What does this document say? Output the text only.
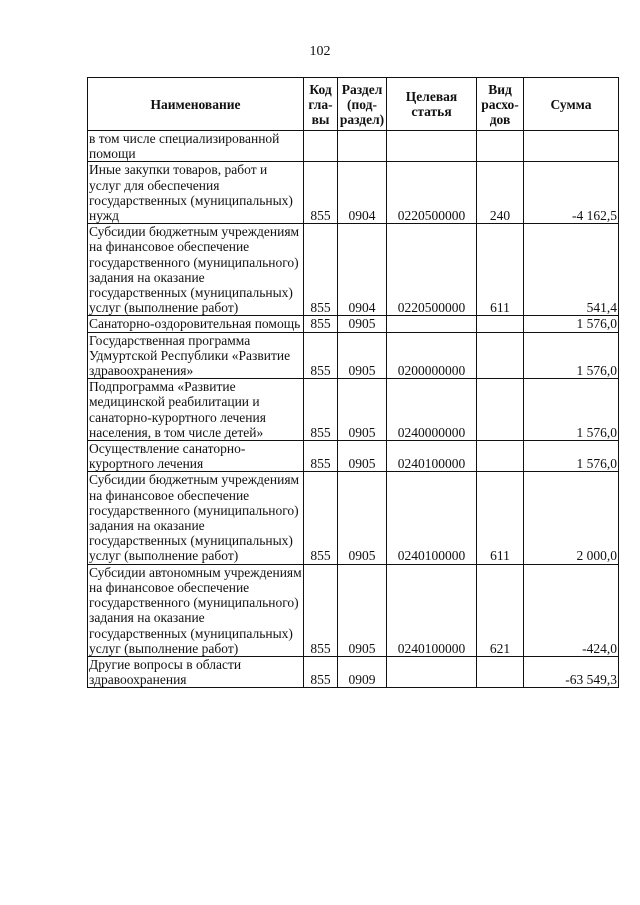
102
Наименование	Код гла-вы	Раздел (под-раздел)	Целевая статья	Вид расхо-дов	Сумма
в том числе специализированной помощи					
Иные закупки товаров, работ и услуг для обеспечения государственных (муниципальных) нужд	855	0904	0220500000	240	-4 162,5
Субсидии бюджетным учреждениям на финансовое обеспечение государственного (муниципального) задания на оказание государственных (муниципальных) услуг (выполнение работ)	855	0904	0220500000	611	541,4
Санаторно-оздоровительная помощь	855	0905			1 576,0
Государственная программа Удмуртской Республики «Развитие здравоохранения»	855	0905	0200000000		1 576,0
Подпрограмма «Развитие медицинской реабилитации и санаторно-курортного лечения населения, в том числе детей»	855	0905	0240000000		1 576,0
Осуществление санаторно-курортного лечения	855	0905	0240100000		1 576,0
Субсидии бюджетным учреждениям на финансовое обеспечение государственного (муниципального) задания на оказание государственных (муниципальных) услуг (выполнение работ)	855	0905	0240100000	611	2 000,0
Субсидии автономным учреждениям на финансовое обеспечение государственного (муниципального) задания на оказание государственных (муниципальных) услуг (выполнение работ)	855	0905	0240100000	621	-424,0
Другие вопросы в области здравоохранения	855	0909			-63 549,3
